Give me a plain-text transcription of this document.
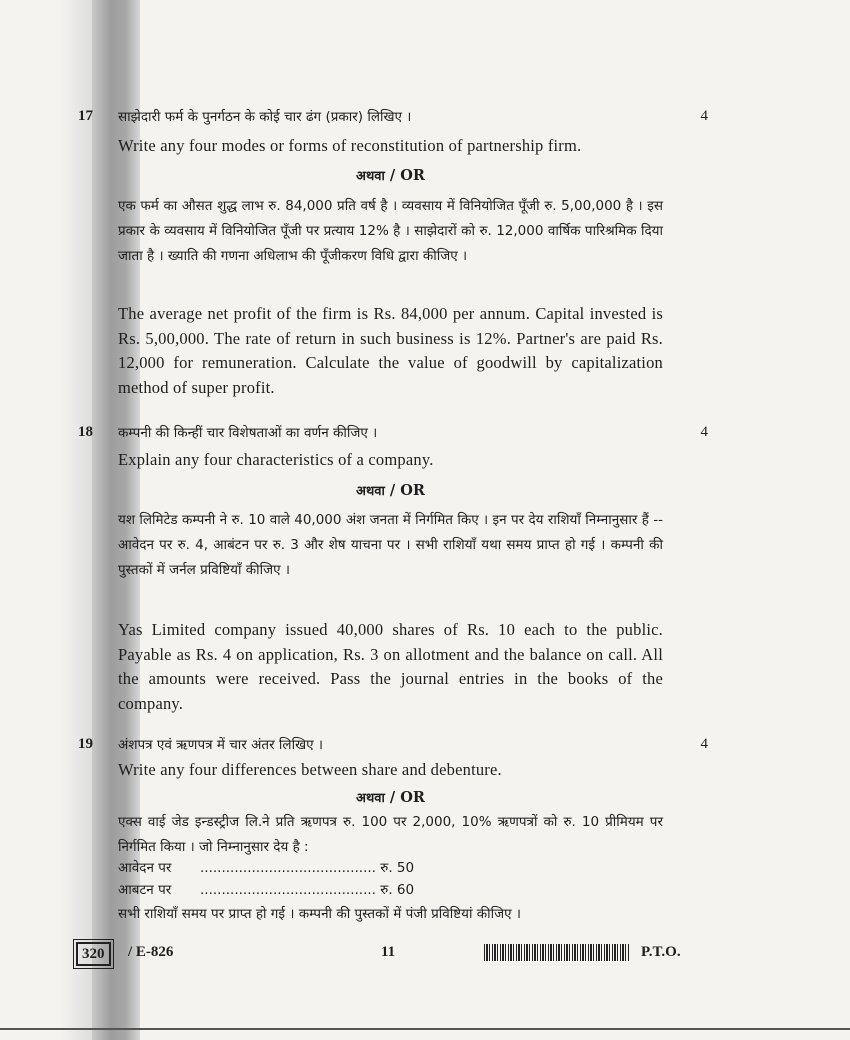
17	4
साझेदारी फर्म के पुनर्गठन के कोई चार ढंग (प्रकार) लिखिए ।
Write any four modes or forms of reconstitution of partnership firm.
अथवा / OR
एक फर्म का औसत शुद्ध लाभ रु. 84,000 प्रति वर्ष है । व्यवसाय में विनियोजित पूँजी रु. 5,00,000 है । इस प्रकार के व्यवसाय में विनियोजित पूँजी पर प्रत्याय 12% है । साझेदारों को रु. 12,000 वार्षिक पारिश्रमिक दिया जाता है । ख्याति की गणना अधिलाभ की पूँजीकरण विधि द्वारा कीजिए ।
The average net profit of the firm is Rs. 84,000 per annum. Capital invested is Rs. 5,00,000. The rate of return in such business is 12%. Partner's are paid Rs. 12,000 for remuneration. Calculate the value of goodwill by capitalization method of super profit.
18	4
कम्पनी की किन्हीं चार विशेषताओं का वर्णन कीजिए ।
Explain any four characteristics of a company.
अथवा / OR
यश लिमिटेड कम्पनी ने रु. 10 वाले 40,000 अंश जनता में निर्गमित किए । इन पर देय राशियाँ निम्नानुसार हैं -- आवेदन पर रु. 4, आबंटन पर रु. 3 और शेष याचना पर । सभी राशियाँ यथा समय प्राप्त हो गई । कम्पनी की पुस्तकों में जर्नल प्रविष्टियाँ कीजिए ।
Yas Limited company issued 40,000 shares of Rs. 10 each to the public. Payable as Rs. 4 on application, Rs. 3 on allotment and the balance on call. All the amounts were received. Pass the journal entries in the books of the company.
19	4
अंशपत्र एवं ऋणपत्र में चार अंतर लिखिए ।
Write any four differences between share and debenture.
अथवा / OR
एक्स वाई जेड इन्डस्ट्रीज लि.ने प्रति ऋणपत्र रु. 100 पर 2,000, 10% ऋणपत्रों को रु. 10 प्रीमियम पर निर्गमित किया । जो निम्नानुसार देय है :
आवेदन पर ......................................... रु. 50
आबटन पर ......................................... रु. 60
सभी राशियाँ समय पर प्राप्त हो गई । कम्पनी की पुस्तकों में पंजी प्रविष्टियां कीजिए ।
320	/ E-826	11	P.T.O.
